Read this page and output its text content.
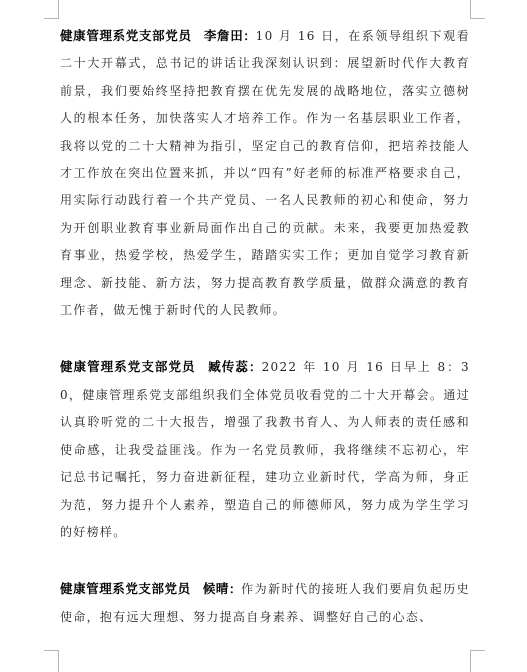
健康管理系党支部党员 李詹田：10 月 16 日，在系领导组织下观看二十大开幕式，总书记的讲话让我深刻认识到：展望新时代作大教育前景，我们要始终坚持把教育摆在优先发展的战略地位，落实立德树人的根本任务，加快落实人才培养工作。作为一名基层职业工作者，我将以党的二十大精神为指引，坚定自己的教育信仰，把培养技能人才工作放在突出位置来抓，并以“四有”好老师的标准严格要求自己，用实际行动践行着一个共产党员、一名人民教师的初心和使命，努力为开创职业教育事业新局面作出自己的贡献。未来，我要更加热爱教育事业，热爱学校，热爱学生，踏踏实实工作；更加自觉学习教育新理念、新技能、新方法，努力提高教育教学质量，做群众满意的教育工作者，做无愧于新时代的人民教师。

健康管理系党支部党员 臧传蕊：2022 年 10 月 16 日早上 8：30，健康管理系党支部组织我们全体党员收看党的二十大开幕会。通过认真聆听党的二十大报告，增强了我教书育人、为人师表的责任感和使命感，让我受益匪浅。作为一名党员教师，我将继续不忘初心，牢记总书记嘱托，努力奋进新征程，建功立业新时代，学高为师，身正为范，努力提升个人素养，塑造自己的师德师风，努力成为学生学习的好榜样。

健康管理系党支部党员 候晴：作为新时代的接班人我们要肩负起历史使命，抱有远大理想、努力提高自身素养、调整好自己的心态、
